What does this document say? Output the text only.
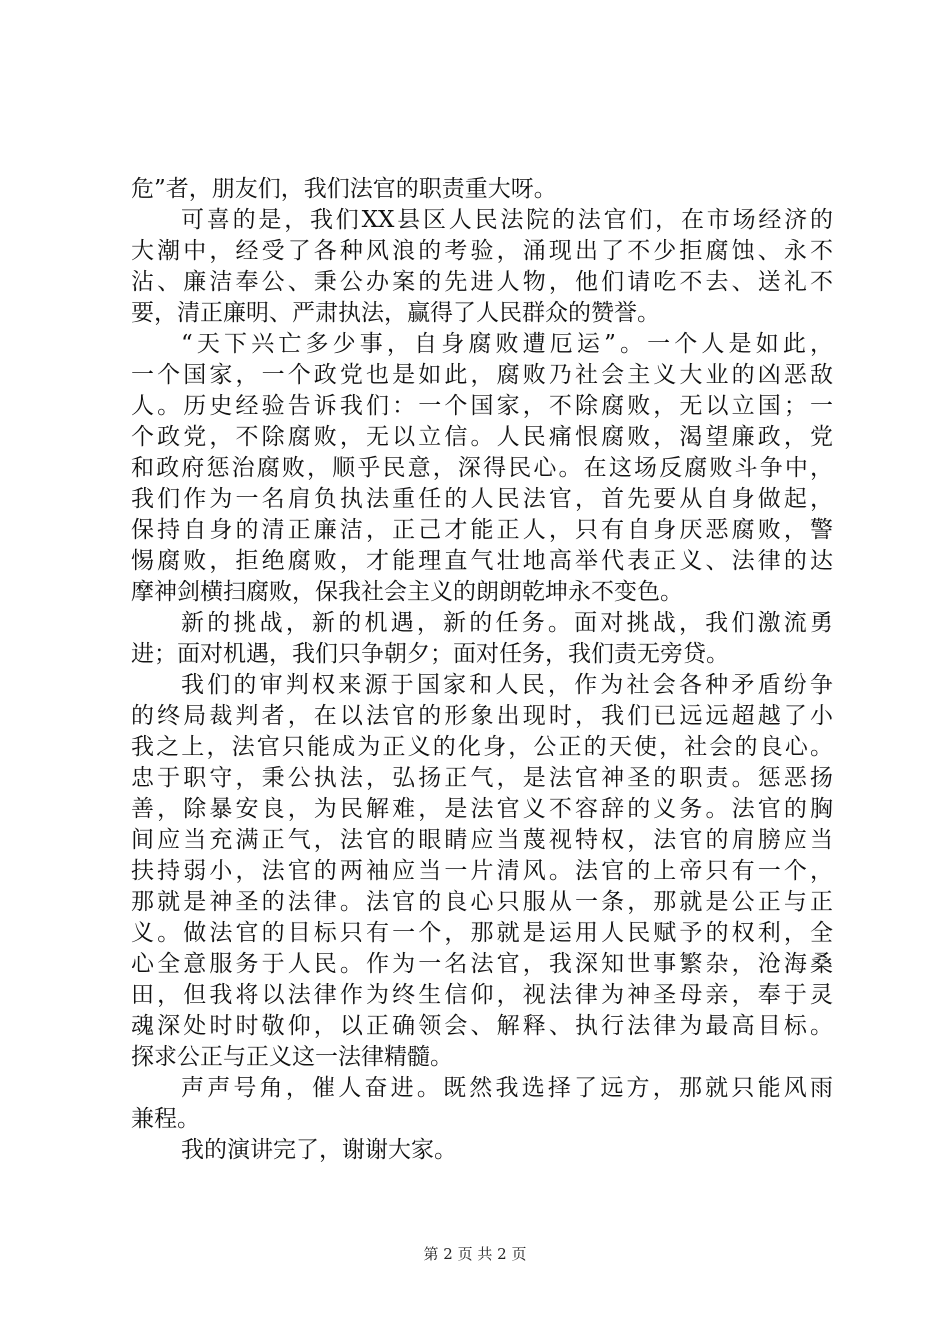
危”者，朋友们，我们法官的职责重大呀。
可喜的是，我们XX县区人民法院的法官们，在市场经济的
大潮中，经受了各种风浪的考验，涌现出了不少拒腐蚀、永不
沾、廉洁奉公、秉公办案的先进人物，他们请吃不去、送礼不
要，清正廉明、严肃执法，赢得了人民群众的赞誉。
“天下兴亡多少事，自身腐败遭厄运”。一个人是如此，
一个国家，一个政党也是如此，腐败乃社会主义大业的凶恶敌
人。历史经验告诉我们：一个国家，不除腐败，无以立国；一
个政党，不除腐败，无以立信。人民痛恨腐败，渴望廉政，党
和政府惩治腐败，顺乎民意，深得民心。在这场反腐败斗争中，
我们作为一名肩负执法重任的人民法官，首先要从自身做起，
保持自身的清正廉洁，正己才能正人，只有自身厌恶腐败，警
惕腐败，拒绝腐败，才能理直气壮地高举代表正义、法律的达
摩神剑横扫腐败，保我社会主义的朗朗乾坤永不变色。
新的挑战，新的机遇，新的任务。面对挑战，我们激流勇
进；面对机遇，我们只争朝夕；面对任务，我们责无旁贷。
我们的审判权来源于国家和人民，作为社会各种矛盾纷争
的终局裁判者，在以法官的形象出现时，我们已远远超越了小
我之上，法官只能成为正义的化身，公正的天使，社会的良心。
忠于职守，秉公执法，弘扬正气，是法官神圣的职责。惩恶扬
善，除暴安良，为民解难，是法官义不容辞的义务。法官的胸
间应当充满正气，法官的眼睛应当蔑视特权，法官的肩膀应当
扶持弱小，法官的两袖应当一片清风。法官的上帝只有一个，
那就是神圣的法律。法官的良心只服从一条，那就是公正与正
义。做法官的目标只有一个，那就是运用人民赋予的权利，全
心全意服务于人民。作为一名法官，我深知世事繁杂，沧海桑
田，但我将以法律作为终生信仰，视法律为神圣母亲，奉于灵
魂深处时时敬仰，以正确领会、解释、执行法律为最高目标。
探求公正与正义这一法律精髓。
声声号角，催人奋进。既然我选择了远方，那就只能风雨
兼程。
我的演讲完了，谢谢大家。
第 2 页 共 2 页
